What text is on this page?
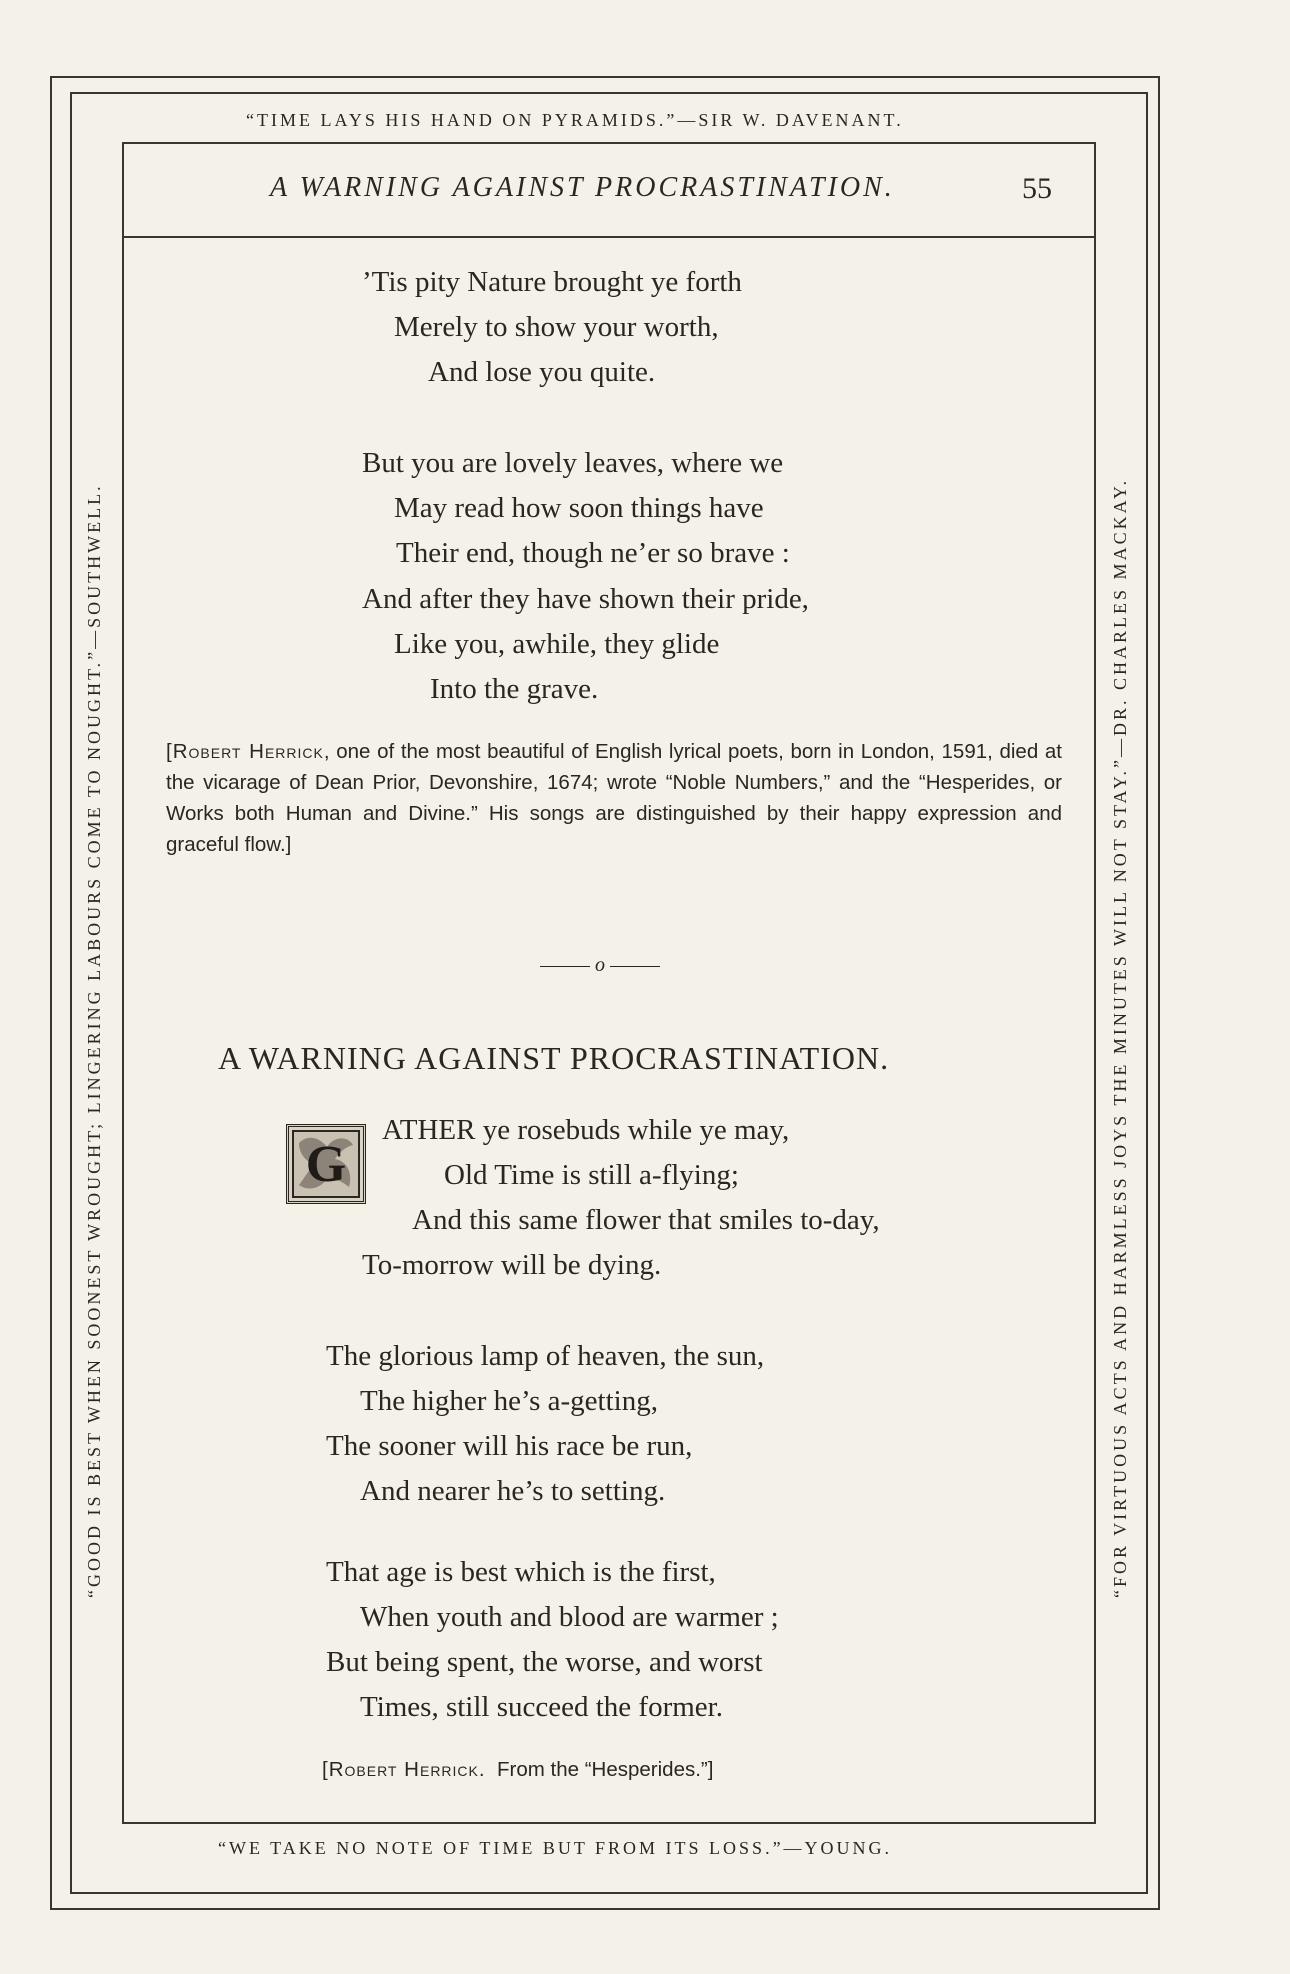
“TIME LAYS HIS HAND ON PYRAMIDS.”—SIR W. DAVENANT.
A WARNING AGAINST PROCRASTINATION.	55
“GOOD IS BEST WHEN SOONEST WROUGHT; LINGERING LABOURS COME TO NOUGHT.”—SOUTHWELL.	“FOR VIRTUOUS ACTS AND HARMLESS JOYS THE MINUTES WILL NOT STAY.”—DR. CHARLES MACKAY.
“WE TAKE NO NOTE OF TIME BUT FROM ITS LOSS.”—YOUNG.
’Tis pity Nature brought ye forth
Merely to show your worth,
And lose you quite.
But you are lovely leaves, where we
May read how soon things have
Their end, though ne’er so brave :
And after they have shown their pride,
Like you, awhile, they glide
Into the grave.
[Robert Herrick, one of the most beautiful of English lyrical poets, born in London, 1591, died at the vicarage of Dean Prior, Devonshire, 1674; wrote “Noble Numbers,” and the “Hesperides, or Works both Human and Divine.” His songs are distinguished by their happy expression and graceful flow.]
o
A WARNING AGAINST PROCRASTINATION.
G
ATHER ye rosebuds while ye may,
Old Time is still a-flying;
And this same flower that smiles to-day,
To-morrow will be dying.
The glorious lamp of heaven, the sun,
The higher he’s a-getting,
The sooner will his race be run,
And nearer he’s to setting.
That age is best which is the first,
When youth and blood are warmer ;
But being spent, the worse, and worst
Times, still succeed the former.
[Robert Herrick. From the “Hesperides.”]
